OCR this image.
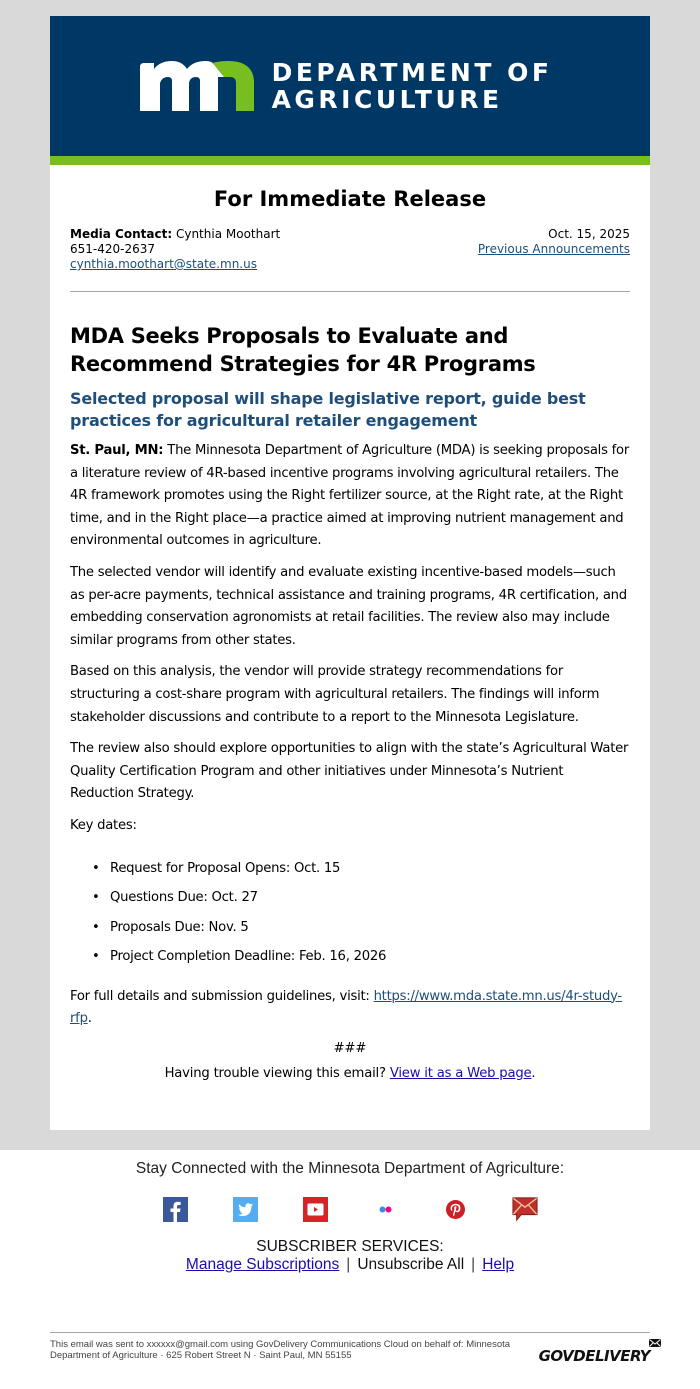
DEPARTMENT OF
AGRICULTURE
For Immediate Release
Media Contact: Cynthia Moothart
651-420-2637
cynthia.moothart@state.mn.us
Oct. 15, 2025
Previous Announcements
MDA Seeks Proposals to Evaluate and Recommend Strategies for 4R Programs
Selected proposal will shape legislative report, guide best practices for agricultural retailer engagement

St. Paul, MN: The Minnesota Department of Agriculture (MDA) is seeking proposals for a literature review of 4R-based incentive programs involving agricultural retailers. The 4R framework promotes using the Right fertilizer source, at the Right rate, at the Right time, and in the Right place—a practice aimed at improving nutrient management and environmental outcomes in agriculture.

The selected vendor will identify and evaluate existing incentive-based models—such as per-acre payments, technical assistance and training programs, 4R certification, and embedding conservation agronomists at retail facilities. The review also may include similar programs from other states.

Based on this analysis, the vendor will provide strategy recommendations for structuring a cost-share program with agricultural retailers. The findings will inform stakeholder discussions and contribute to a report to the Minnesota Legislature.

The review also should explore opportunities to align with the state’s Agricultural Water Quality Certification Program and other initiatives under Minnesota’s Nutrient Reduction Strategy.

Key dates:

• Request for Proposal Opens: Oct. 15
• Questions Due: Oct. 27
• Proposals Due: Nov. 5
• Project Completion Deadline: Feb. 16, 2026

For full details and submission guidelines, visit: https://www.mda.state.mn.us/4r-study-rfp.

###
Having trouble viewing this email? View it as a Web page.
Stay Connected with the Minnesota Department of Agriculture:
SUBSCRIBER SERVICES:
Manage Subscriptions | Unsubscribe All | Help
This email was sent to xxxxxx@gmail.com using GovDelivery Communications Cloud on behalf of: Minnesota Department of Agriculture · 625 Robert Street N · Saint Paul, MN 55155	GOVDELIVERY
